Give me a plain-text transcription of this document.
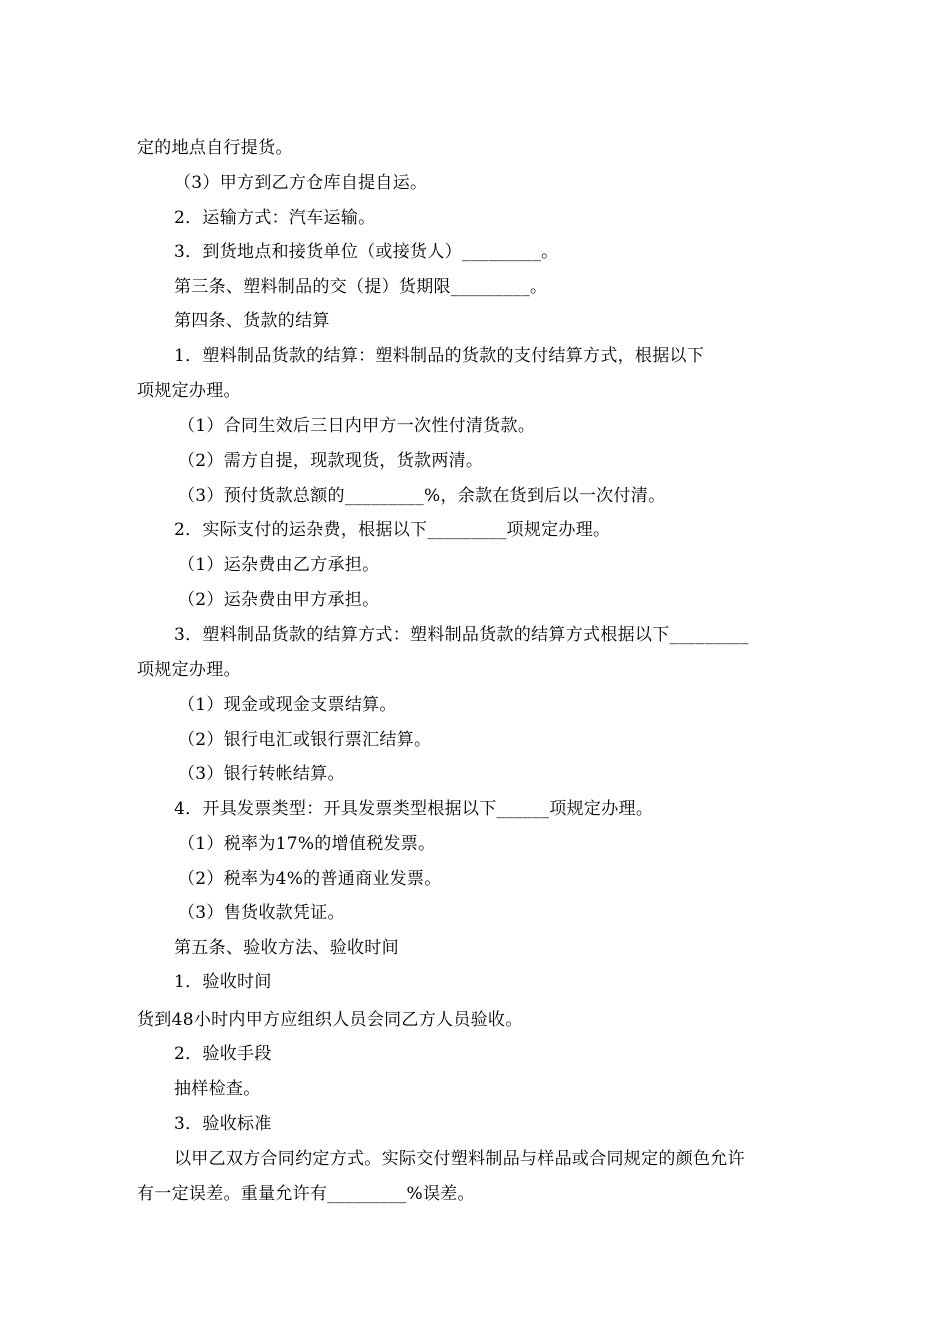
定的地点自行提货。
（3）甲方到乙方仓库自提自运。
2．运输方式：汽车运输。
3．到货地点和接货单位（或接货人）_________。
第三条、塑料制品的交（提）货期限_________。
第四条、货款的结算
1．塑料制品货款的结算：塑料制品的货款的支付结算方式，根据以下
项规定办理。
（1）合同生效后三日内甲方一次性付清货款。
（2）需方自提，现款现货，货款两清。
（3）预付货款总额的_________%，余款在货到后以一次付清。
2．实际支付的运杂费，根据以下_________项规定办理。
（1）运杂费由乙方承担。
（2）运杂费由甲方承担。
3．塑料制品货款的结算方式：塑料制品货款的结算方式根据以下_________
项规定办理。
（1）现金或现金支票结算。
（2）银行电汇或银行票汇结算。
（3）银行转帐结算。
4．开具发票类型：开具发票类型根据以下______项规定办理。
（1）税率为17%的增值税发票。
（2）税率为4%的普通商业发票。
（3）售货收款凭证。
第五条、验收方法、验收时间
1．验收时间
货到48小时内甲方应组织人员会同乙方人员验收。
2．验收手段
抽样检查。
3．验收标准
以甲乙双方合同约定方式。实际交付塑料制品与样品或合同规定的颜色允许
有一定误差。重量允许有_________%误差。
